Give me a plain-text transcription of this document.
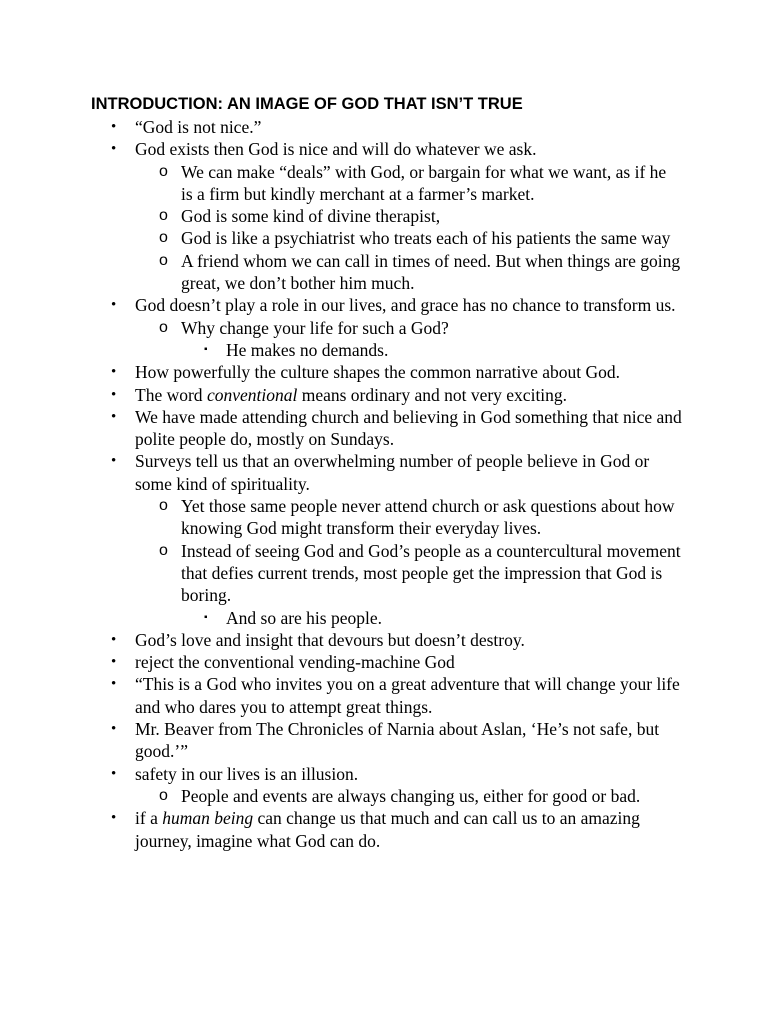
INTRODUCTION: AN IMAGE OF GOD THAT ISN’T TRUE
• “God is not nice.”
• God exists then God is nice and will do whatever we ask.
o We can make “deals” with God, or bargain for what we want, as if he is a firm but kindly merchant at a farmer’s market.
o God is some kind of divine therapist,
o God is like a psychiatrist who treats each of his patients the same way
o A friend whom we can call in times of need. But when things are going great, we don’t bother him much.
• God doesn’t play a role in our lives, and grace has no chance to transform us.
o Why change your life for such a God?
▪ He makes no demands.
• How powerfully the culture shapes the common narrative about God.
• The word conventional means ordinary and not very exciting.
• We have made attending church and believing in God something that nice and polite people do, mostly on Sundays.
• Surveys tell us that an overwhelming number of people believe in God or some kind of spirituality.
o Yet those same people never attend church or ask questions about how knowing God might transform their everyday lives.
o Instead of seeing God and God’s people as a countercultural movement that defies current trends, most people get the impression that God is boring.
▪ And so are his people.
• God’s love and insight that devours but doesn’t destroy.
• reject the conventional vending-machine God
• “This is a God who invites you on a great adventure that will change your life and who dares you to attempt great things.
• Mr. Beaver from The Chronicles of Narnia about Aslan, ‘He’s not safe, but good.’”
• safety in our lives is an illusion.
o People and events are always changing us, either for good or bad.
• if a human being can change us that much and can call us to an amazing journey, imagine what God can do.
